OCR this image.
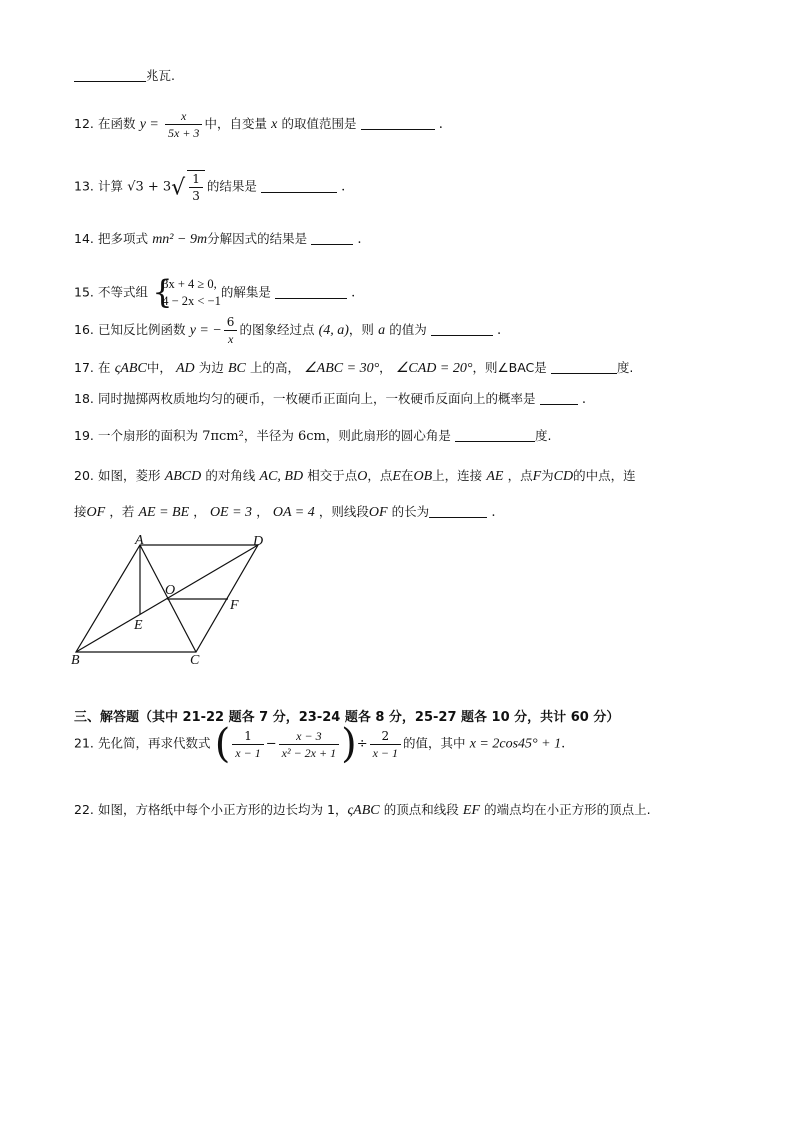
兆瓦.
12. 在函数 $y = \frac{x}{5x + 3}$ 中，自变量 x 的取值范围是	.
13. 计算 $√3 + 3√ \frac{1}{3}$ 的结果是	.
14. 把多项式 mn² − 9m分解因式的结果是	.
15. 不等式组 {
3x + 4 ≥ 0,
4 − 2x < −1
的解集是	.
16. 已知反比例函数 y = − $\frac{6}{x}$ 的图象经过点 (4, a)，则 a 的值为	.
17. 在 ςABC中， AD 为边 BC 上的高， ∠ABC = 30°， ∠CAD = 20°，则∠BAC是	度.
18. 同时抛掷两枚质地均匀的硬币，一枚硬币正面向上，一枚硬币反面向上的概率是	.
19. 一个扇形的面积为 7πcm²，半径为 6cm，则此扇形的圆心角是	度.
20. 如图，菱形 ABCD 的对角线 AC, BD 相交于点O，点E在OB上，连接 AE ，点F为CD的中点，连
接OF ，若 AE = BE ， OE = 3 ， OA = 4 ，则线段OF 的长为	.
A	D
O
F
E
B	C
三、解答题（其中 21-22 题各 7 分，23-24 题各 8 分，25-27 题各 10 分，共计 60 分）
21. 先化简，再求代数式 ( $\frac{1}{x - 1} - \frac{x - 3}{\text{x² − 2x + 1}}$ )÷ $\frac{2}{x - 1}$ 的值，其中 x = 2cos45° + 1.
22. 如图，方格纸中每个小正方形的边长均为 1，ςABC 的顶点和线段 EF 的端点均在小正方形的顶点上.
